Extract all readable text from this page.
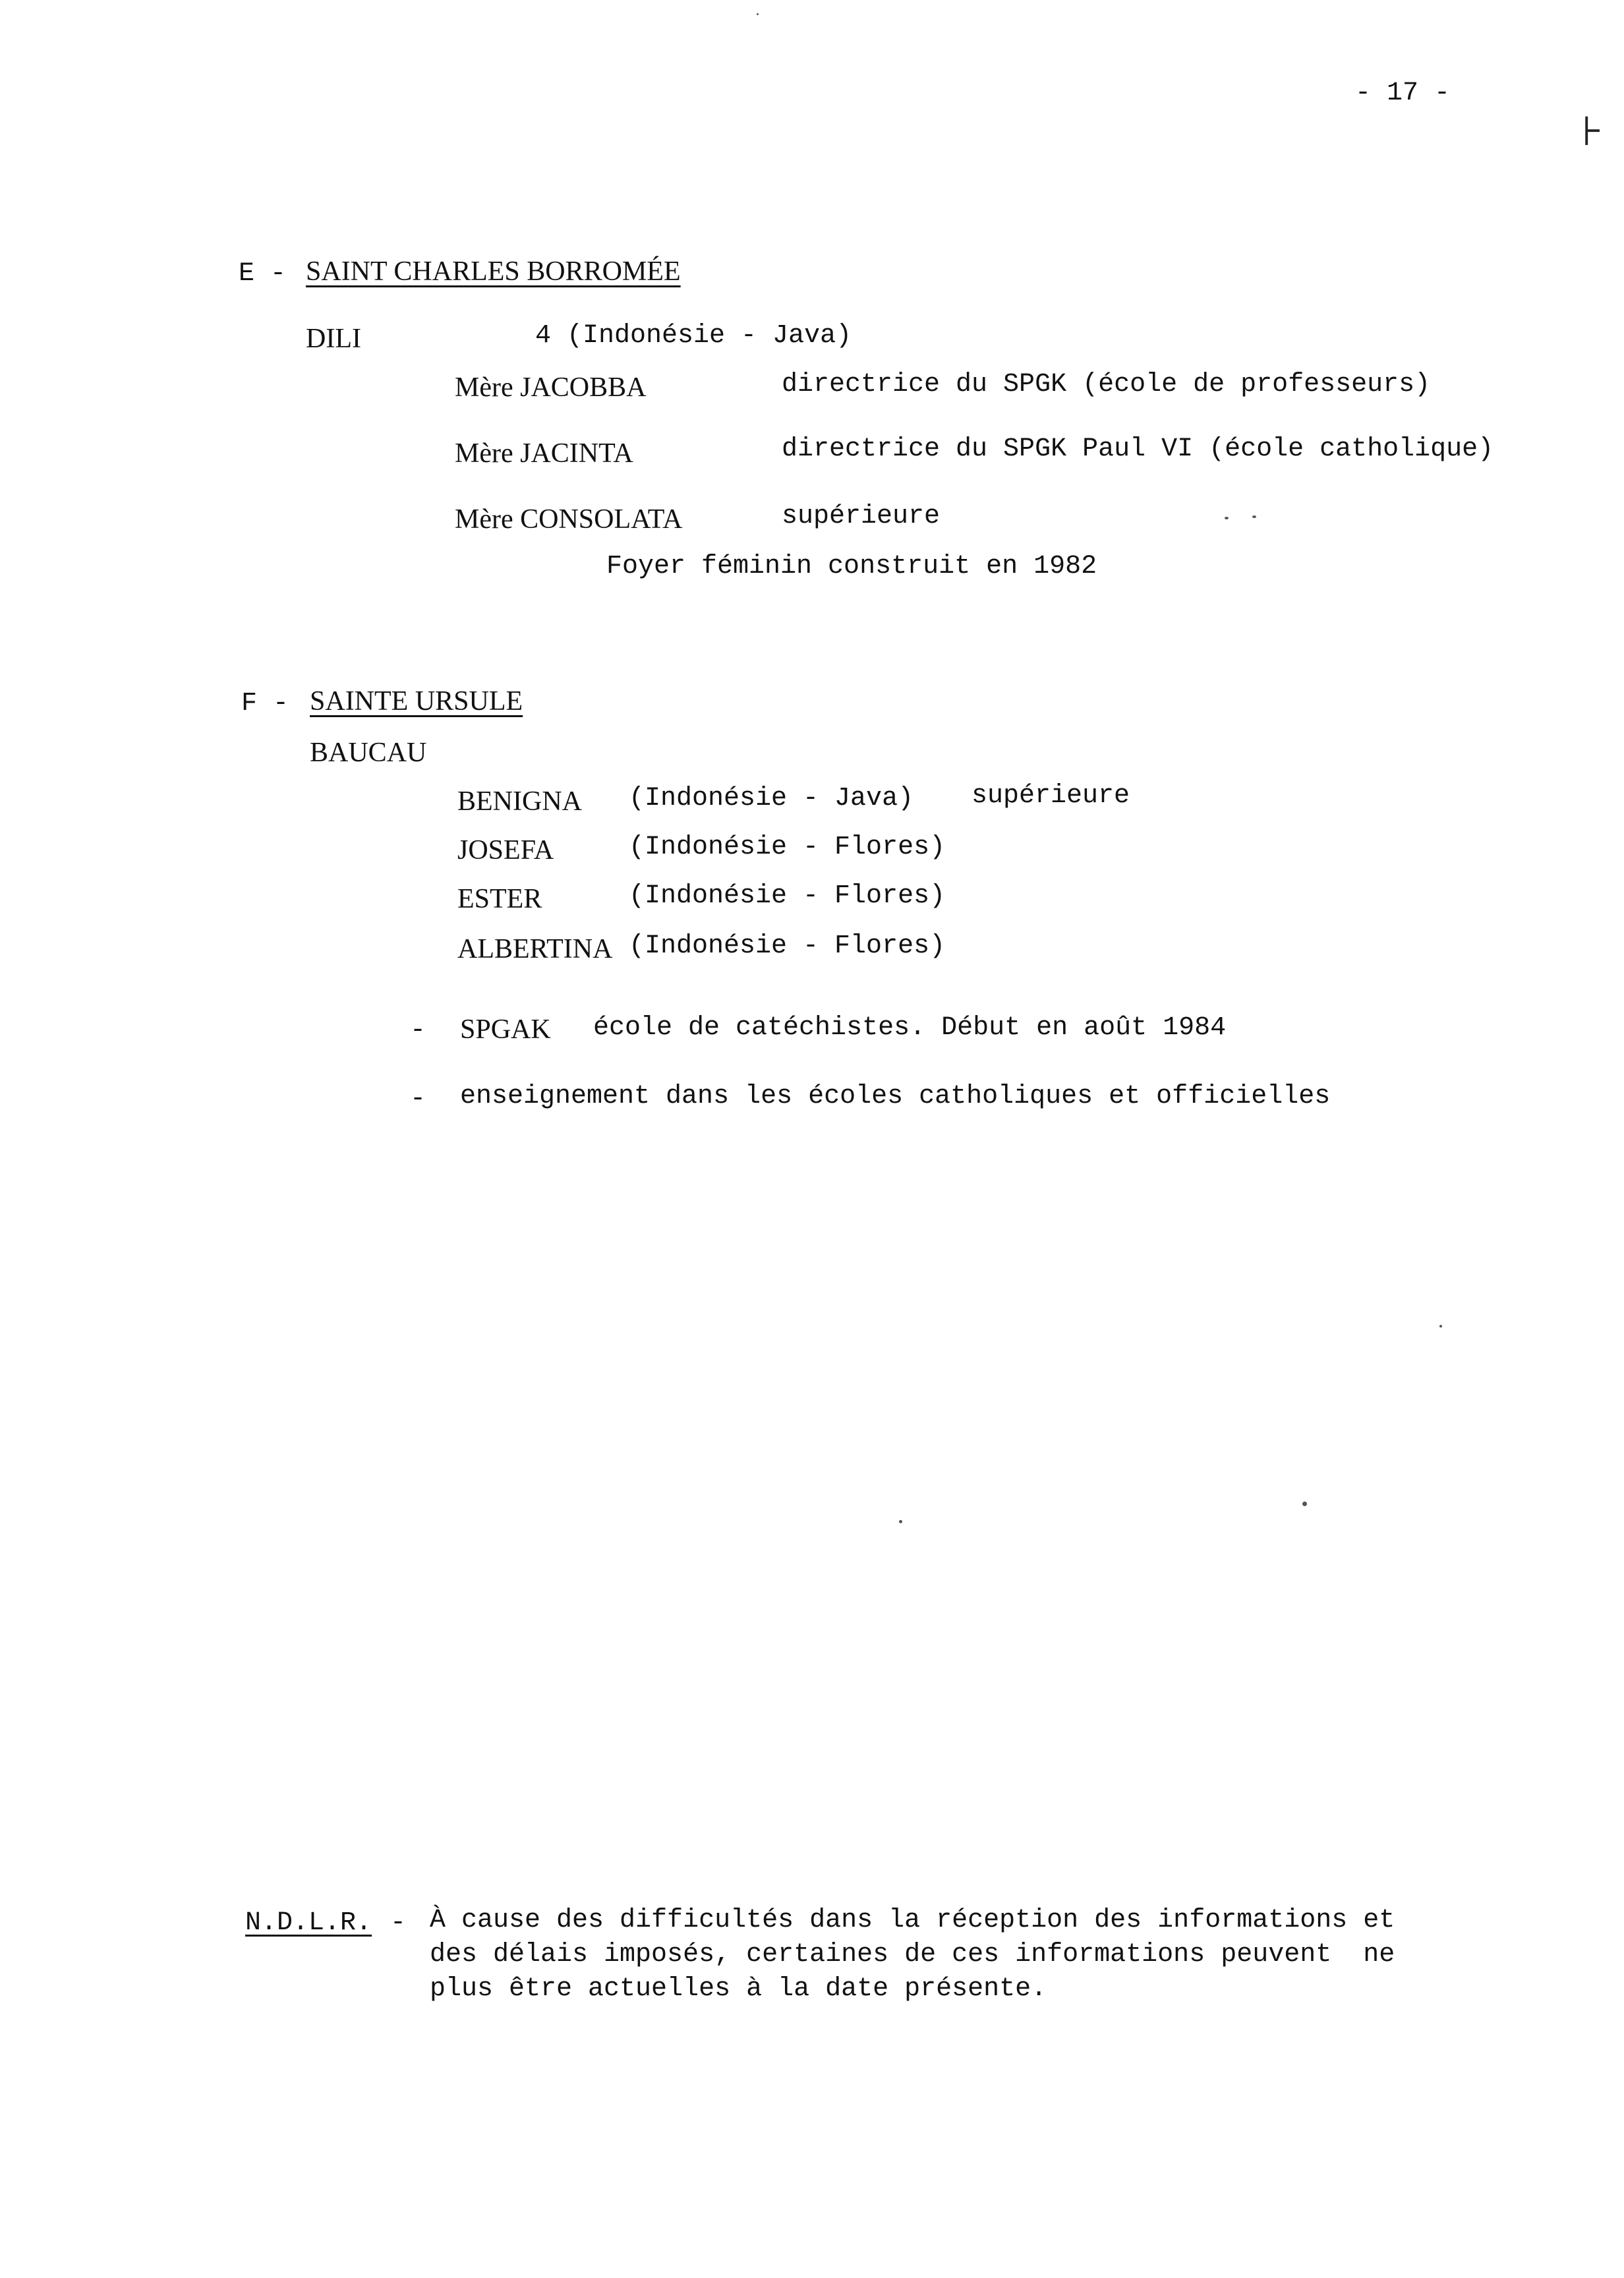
- 17 -
⊦
E - SAINT CHARLES BORROMÉE
DILI	4 (Indonésie - Java)
Mère JACOBBA	directrice du SPGK (école de professeurs)
Mère JACINTA	directrice du SPGK Paul VI (école catholique)
Mère CONSOLATA	supérieure
Foyer féminin construit en 1982
F - SAINTE URSULE
BAUCAU
BENIGNA (Indonésie - Java) supérieure
JOSEFA	(Indonésie - Flores)
ESTER	(Indonésie - Flores)
ALBERTINA (Indonésie - Flores)
- SPGAK école de catéchistes. Début en août 1984
- enseignement dans les écoles catholiques et officielles
N.D.L.R. - À cause des difficultés dans la réception des informations et
des délais imposés, certaines de ces informations peuvent  ne
plus être actuelles à la date présente.
